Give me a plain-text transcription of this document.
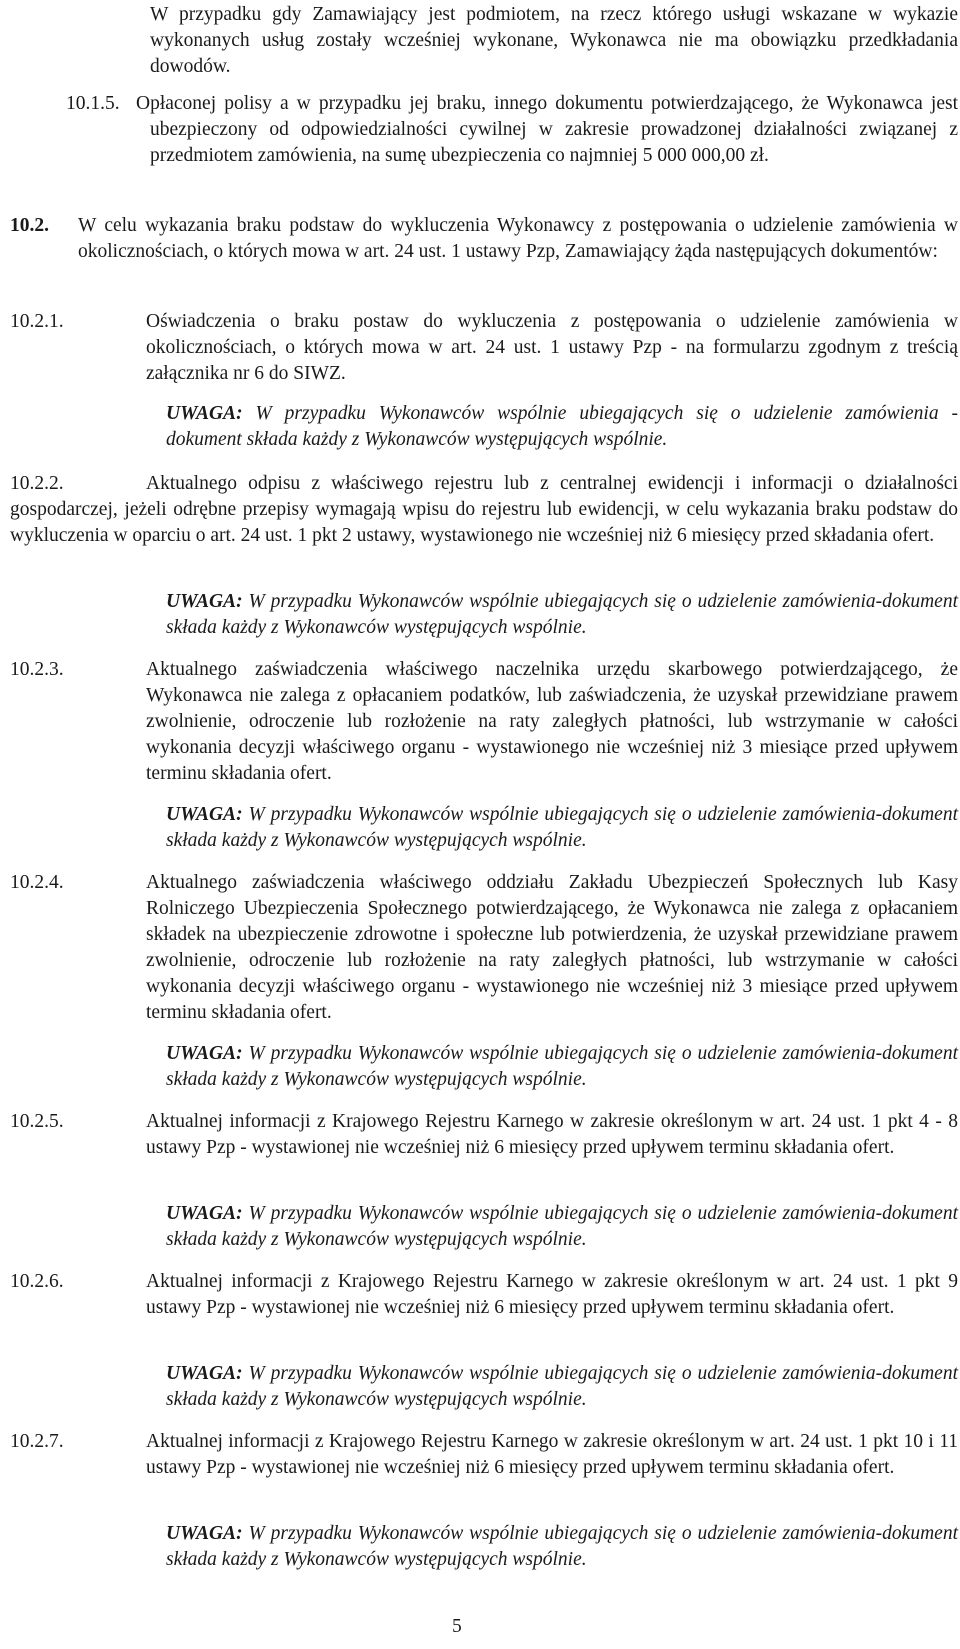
W przypadku gdy Zamawiający jest podmiotem, na rzecz którego usługi wskazane w wykazie wykonanych usług zostały wcześniej wykonane, Wykonawca nie ma obowiązku przedkładania dowodów.
10.1.5. Opłaconej polisy a w przypadku jej braku, innego dokumentu potwierdzającego, że Wykonawca jest ubezpieczony od odpowiedzialności cywilnej w zakresie prowadzonej działalności związanej z przedmiotem zamówienia, na sumę ubezpieczenia co najmniej 5 000 000,00 zł.
10.2. W celu wykazania braku podstaw do wykluczenia Wykonawcy z postępowania o udzielenie zamówienia w okolicznościach, o których mowa w art. 24 ust. 1 ustawy Pzp, Zamawiający żąda następujących dokumentów:
10.2.1.	Oświadczenia o braku postaw do wykluczenia z postępowania o udzielenie zamówienia w okolicznościach, o których mowa w art. 24 ust. 1 ustawy Pzp - na formularzu zgodnym z treścią załącznika nr 6 do SIWZ.
UWAGA: W przypadku Wykonawców wspólnie ubiegających się o udzielenie zamówienia - dokument składa każdy z Wykonawców występujących wspólnie.
10.2.2.	Aktualnego odpisu z właściwego rejestru lub z centralnej ewidencji i informacji o działalności gospodarczej, jeżeli odrębne przepisy wymagają wpisu do rejestru lub ewidencji, w celu wykazania braku podstaw do wykluczenia w oparciu o art. 24 ust. 1 pkt 2 ustawy, wystawionego nie wcześniej niż 6 miesięcy przed składania ofert.
UWAGA: W przypadku Wykonawców wspólnie ubiegających się o udzielenie zamówienia-dokument składa każdy z Wykonawców występujących wspólnie.
10.2.3.	Aktualnego zaświadczenia właściwego naczelnika urzędu skarbowego potwierdzającego, że Wykonawca nie zalega z opłacaniem podatków, lub zaświadczenia, że uzyskał przewidziane prawem zwolnienie, odroczenie lub rozłożenie na raty zaległych płatności, lub wstrzymanie w całości wykonania decyzji właściwego organu - wystawionego nie wcześniej niż 3 miesiące przed upływem terminu składania ofert.
UWAGA: W przypadku Wykonawców wspólnie ubiegających się o udzielenie zamówienia-dokument składa każdy z Wykonawców występujących wspólnie.
10.2.4.	Aktualnego zaświadczenia właściwego oddziału Zakładu Ubezpieczeń Społecznych lub Kasy Rolniczego Ubezpieczenia Społecznego potwierdzającego, że Wykonawca nie zalega z opłacaniem składek na ubezpieczenie zdrowotne i społeczne lub potwierdzenia, że uzyskał przewidziane prawem zwolnienie, odroczenie lub rozłożenie na raty zaległych płatności, lub wstrzymanie w całości wykonania decyzji właściwego organu - wystawionego nie wcześniej niż 3 miesiące przed upływem terminu składania ofert.
UWAGA: W przypadku Wykonawców wspólnie ubiegających się o udzielenie zamówienia-dokument składa każdy z Wykonawców występujących wspólnie.
10.2.5.	Aktualnej informacji z Krajowego Rejestru Karnego w zakresie określonym w art. 24 ust. 1 pkt 4 - 8 ustawy Pzp - wystawionej nie wcześniej niż 6 miesięcy przed upływem terminu składania ofert.
UWAGA: W przypadku Wykonawców wspólnie ubiegających się o udzielenie zamówienia-dokument składa każdy z Wykonawców występujących wspólnie.
10.2.6.	Aktualnej informacji z Krajowego Rejestru Karnego w zakresie określonym w art. 24 ust. 1 pkt 9 ustawy Pzp - wystawionej nie wcześniej niż 6 miesięcy przed upływem terminu składania ofert.
UWAGA: W przypadku Wykonawców wspólnie ubiegających się o udzielenie zamówienia-dokument składa każdy z Wykonawców występujących wspólnie.
10.2.7.	Aktualnej informacji z Krajowego Rejestru Karnego w zakresie określonym w art. 24 ust. 1 pkt 10 i 11 ustawy Pzp - wystawionej nie wcześniej niż 6 miesięcy przed upływem terminu składania ofert.
UWAGA: W przypadku Wykonawców wspólnie ubiegających się o udzielenie zamówienia-dokument składa każdy z Wykonawców występujących wspólnie.
5
